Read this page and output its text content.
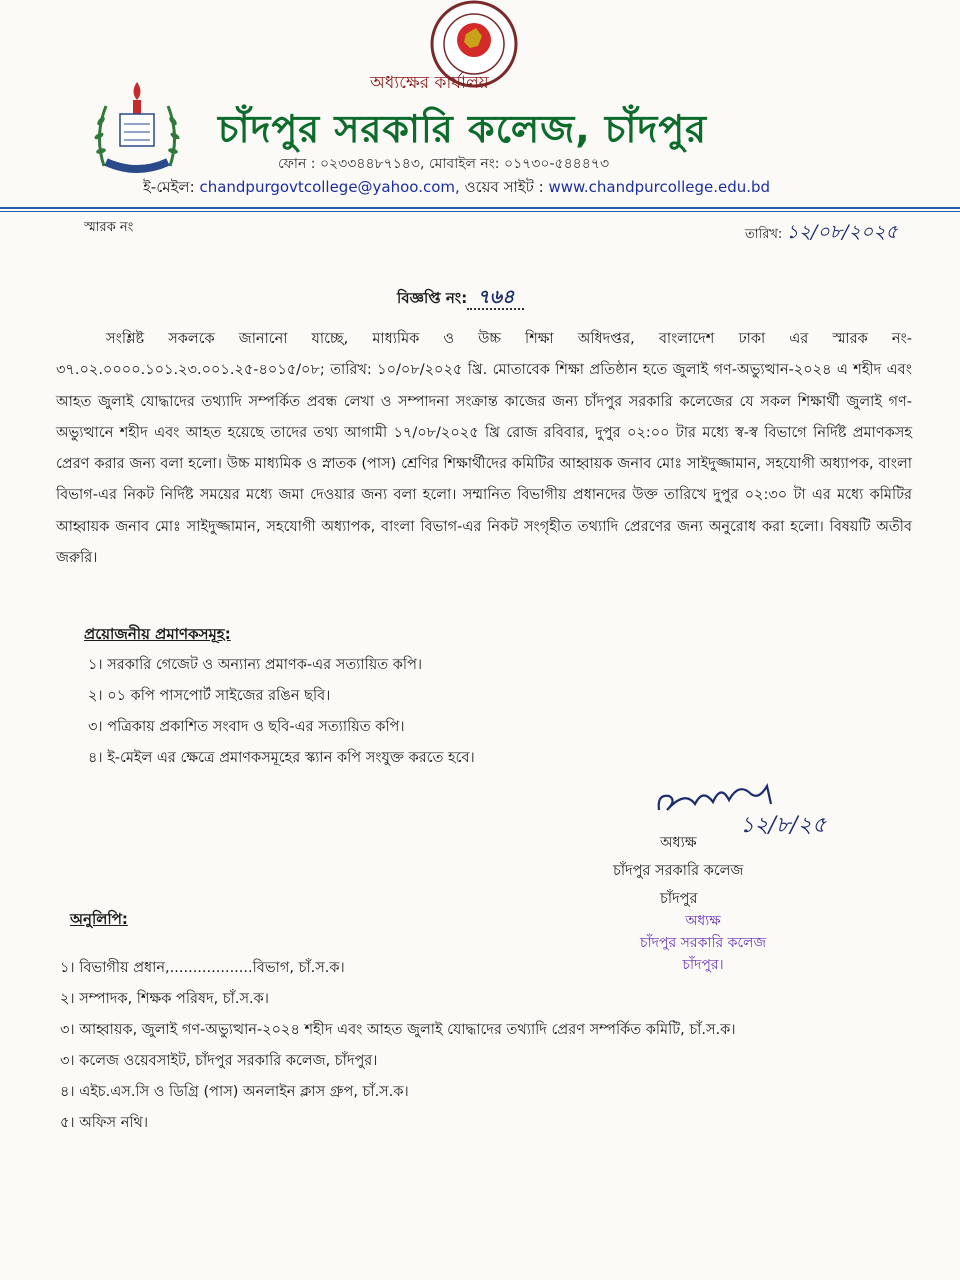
অধ্যক্ষের কার্যালয়
চাঁদপুর সরকারি কলেজ, চাঁদপুর
ফোন : ০২৩৩৪৪৮৭১৪৩, মোবাইল নং: ০১৭৩০-৫৪৪৪৭৩
ই-মেইল: chandpurgovtcollege@yahoo.com, ওয়েব সাইট : www.chandpurcollege.edu.bd
স্মারক নং	তারিখ: ১২/০৮/২০২৫
বিজ্ঞপ্তি নং: ৭৬৪
সংশ্লিষ্ট সকলকে জানানো যাচ্ছে, মাধ্যমিক ও উচ্চ শিক্ষা অধিদপ্তর, বাংলাদেশ ঢাকা এর স্মারক নং- ৩৭.০২.০০০০.১০১.২৩.০০১.২৫-৪০১৫/০৮; তারিখ: ১০/০৮/২০২৫ খ্রি. মোতাবেক শিক্ষা প্রতিষ্ঠান হতে জুলাই গণ-অভ্যুত্থান-২০২৪ এ শহীদ এবং আহত জুলাই যোদ্ধাদের তথ্যাদি সম্পর্কিত প্রবন্ধ লেখা ও সম্পাদনা সংক্রান্ত কাজের জন্য চাঁদপুর সরকারি কলেজের যে সকল শিক্ষার্থী জুলাই গণ-অভ্যুত্থানে শহীদ এবং আহত হয়েছে তাদের তথ্য আগামী ১৭/০৮/২০২৫ খ্রি রোজ রবিবার, দুপুর ০২:০০ টার মধ্যে স্ব-স্ব বিভাগে নির্দিষ্ট প্রমাণকসহ প্রেরণ করার জন্য বলা হলো। উচ্চ মাধ্যমিক ও স্নাতক (পাস) শ্রেণির শিক্ষার্থীদের কমিটির আহ্বায়ক জনাব মোঃ সাইদুজ্জামান, সহযোগী অধ্যাপক, বাংলা বিভাগ-এর নিকট নির্দিষ্ট সময়ের মধ্যে জমা দেওয়ার জন্য বলা হলো। সম্মানিত বিভাগীয় প্রধানদের উক্ত তারিখে দুপুর ০২:৩০ টা এর মধ্যে কমিটির আহ্বায়ক জনাব মোঃ সাইদুজ্জামান, সহযোগী অধ্যাপক, বাংলা বিভাগ-এর নিকট সংগৃহীত তথ্যাদি প্রেরণের জন্য অনুরোধ করা হলো। বিষয়টি অতীব জরুরি।
প্রয়োজনীয় প্রমাণকসমূহ:
১। সরকারি গেজেট ও অন্যান্য প্রমাণক-এর সত্যায়িত কপি।
২। ০১ কপি পাসপোর্ট সাইজের রঙিন ছবি।
৩। পত্রিকায় প্রকাশিত সংবাদ ও ছবি-এর সত্যায়িত কপি।
৪। ই-মেইল এর ক্ষেত্রে প্রমাণকসমূহের স্ক্যান কপি সংযুক্ত করতে হবে।
১২/৮/২৫
অধ্যক্ষ
চাঁদপুর সরকারি কলেজ
চাঁদপুর
অধ্যক্ষ
চাঁদপুর সরকারি কলেজ
চাঁদপুর।
অনুলিপি:
১। বিভাগীয় প্রধান,..................বিভাগ, চাঁ.স.ক।
২। সম্পাদক, শিক্ষক পরিষদ, চাঁ.স.ক।
৩। আহ্বায়ক, জুলাই গণ-অভ্যুত্থান-২০২৪ শহীদ এবং আহত জুলাই যোদ্ধাদের তথ্যাদি প্রেরণ সম্পর্কিত কমিটি, চাঁ.স.ক।
৩। কলেজ ওয়েবসাইট, চাঁদপুর সরকারি কলেজ, চাঁদপুর।
৪। এইচ.এস.সি ও ডিগ্রি (পাস) অনলাইন ক্লাস গ্রুপ, চাঁ.স.ক।
৫। অফিস নথি।
